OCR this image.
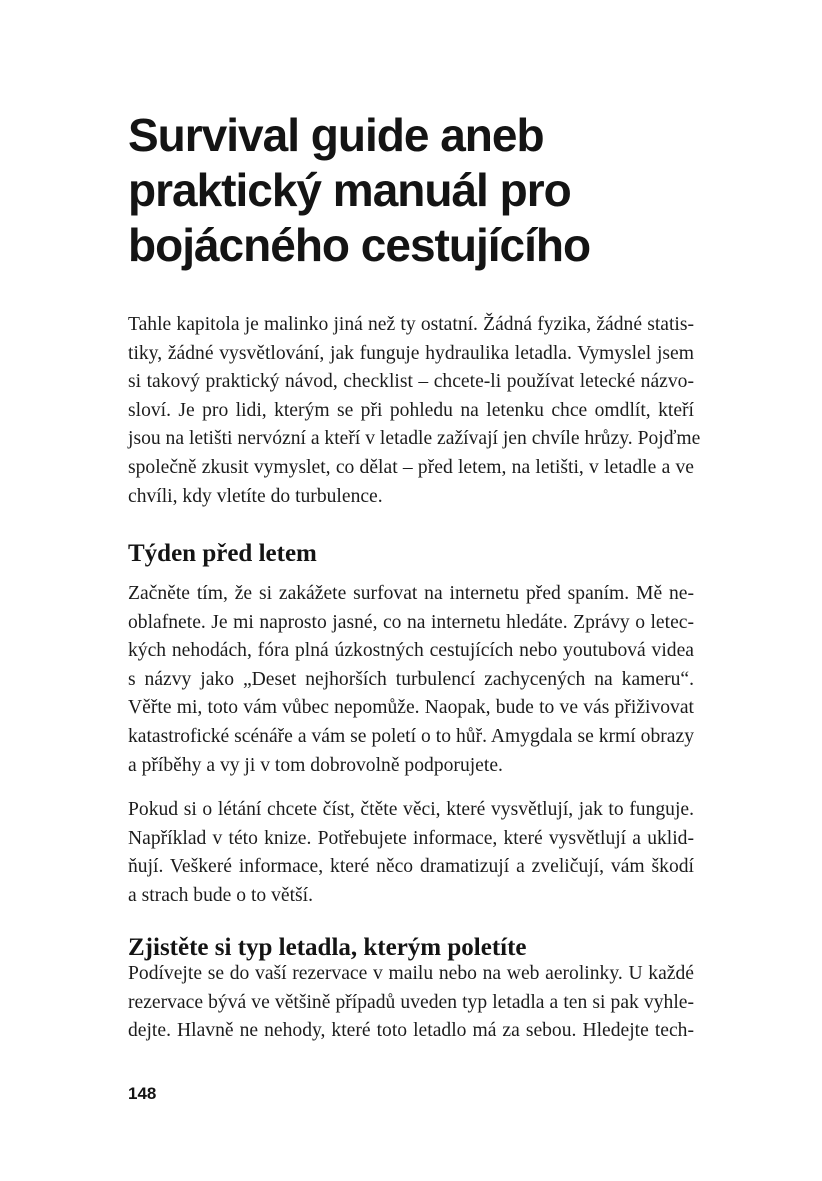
Survival guide aneb
praktický manuál pro
bojácného cestujícího
Tahle kapitola je malinko jiná než ty ostatní. Žádná fyzika, žádné statis-
tiky, žádné vysvětlování, jak funguje hydraulika letadla. Vymyslel jsem
si takový praktický návod, checklist – chcete-li používat letecké názvo-
sloví. Je pro lidi, kterým se při pohledu na letenku chce omdlít, kteří
jsou na letišti nervózní a kteří v letadle zažívají jen chvíle hrůzy. Pojďme
společně zkusit vymyslet, co dělat – před letem, na letišti, v letadle a ve
chvíli, kdy vletíte do turbulence.
Týden před letem
Začněte tím, že si zakážete surfovat na internetu před spaním. Mě ne-
oblafnete. Je mi naprosto jasné, co na internetu hledáte. Zprávy o letec-
kých nehodách, fóra plná úzkostných cestujících nebo youtubová videa
s názvy jako „Deset nejhorších turbulencí zachycených na kameru“.
Věřte mi, toto vám vůbec nepomůže. Naopak, bude to ve vás přiživovat
katastrofické scénáře a vám se poletí o to hůř. Amygdala se krmí obrazy
a příběhy a vy ji v tom dobrovolně podporujete.
Pokud si o létání chcete číst, čtěte věci, které vysvětlují, jak to funguje.
Například v této knize. Potřebujete informace, které vysvětlují a uklid-
ňují. Veškeré informace, které něco dramatizují a zveličují, vám škodí
a strach bude o to větší.
Zjistěte si typ letadla, kterým poletíte
Podívejte se do vaší rezervace v mailu nebo na web aerolinky. U každé
rezervace bývá ve většině případů uveden typ letadla a ten si pak vyhle-
dejte. Hlavně ne nehody, které toto letadlo má za sebou. Hledejte tech-
148
